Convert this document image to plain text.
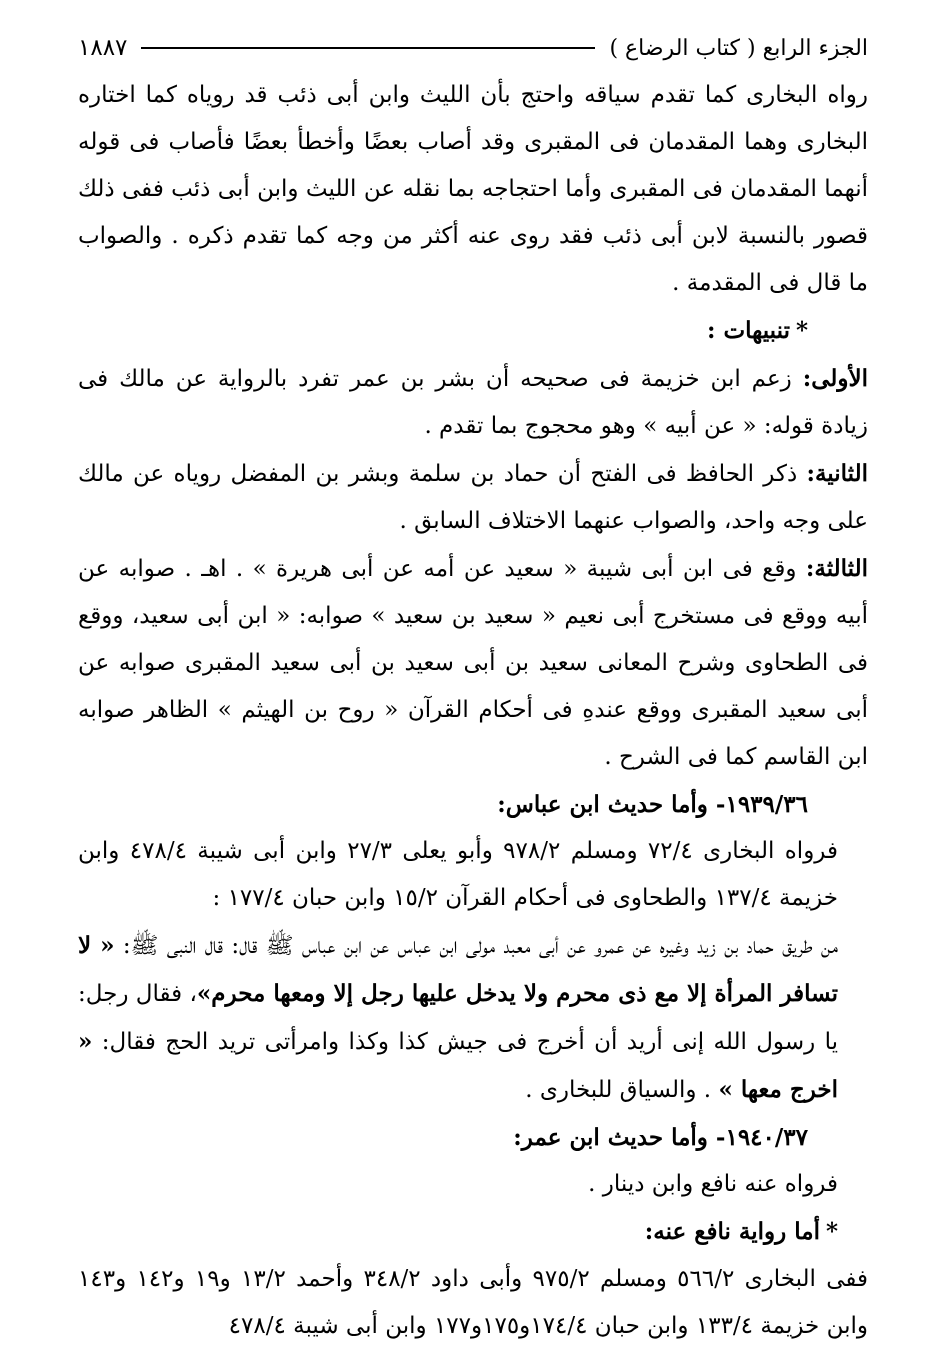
الجزء الرابع ( كتاب الرضاع )
١٨٨٧

رواه البخارى كما تقدم سياقه واحتج بأن الليث وابن أبى ذئب قد روياه كما اختاره البخارى وهما المقدمان فى المقبرى وقد أصاب بعضًا وأخطأ بعضًا فأصاب فى قوله أنهما المقدمان فى المقبرى وأما احتجاجه بما نقله عن الليث وابن أبى ذئب ففى ذلك قصور بالنسبة لابن أبى ذئب فقد روى عنه أكثر من وجه كما تقدم ذكره . والصواب ما قال فى المقدمة .

*تنبيهات :

الأولى: زعم ابن خزيمة فى صحيحه أن بشر بن عمر تفرد بالرواية عن مالك فى زيادة قوله: « عن أبيه » وهو محجوج بما تقدم .

الثانية: ذكر الحافظ فى الفتح أن حماد بن سلمة وبشر بن المفضل روياه عن مالك على وجه واحد، والصواب عنهما الاختلاف السابق .

الثالثة: وقع فى ابن أبى شيبة « سعيد عن أمه عن أبى هريرة » . اهـ . صوابه عن أبيه ووقع فى مستخرج أبى نعيم « سعيد بن سعيد » صوابه: « ابن أبى سعيد، ووقع فى الطحاوى وشرح المعانى سعيد بن أبى سعيد بن أبى سعيد المقبرى صوابه عن أبى سعيد المقبرى ووقع عندهِ فى أحكام القرآن « روح بن الهيثم » الظاهر صوابه ابن القاسم كما فى الشرح .

١٩٣٩/٣٦- وأما حديث ابن عباس:

فرواه البخارى ٧٢/٤ ومسلم ٩٧٨/٢ وأبو يعلى ٢٧/٣ وابن أبى شيبة ٤٧٨/٤ وابن خزيمة ١٣٧/٤ والطحاوى فى أحكام القرآن ١٥/٢ وابن حبان ١٧٧/٤ :

من طريق حماد بن زيد وغيره عن عمرو عن أبى معبد مولى ابن عباس عن ابن عباس ﷺ قال: قال النبى ﷺ: « لا تسافر المرأة إلا مع ذى محرم ولا يدخل عليها رجل إلا ومعها محرم»، فقال رجل: يا رسول الله إنى أريد أن أخرج فى جيش كذا وكذا وامرأتى تريد الحج فقال: « اخرج معها » . والسياق للبخارى .

١٩٤٠/٣٧- وأما حديث ابن عمر:

فرواه عنه نافع وابن دينار .

*أما رواية نافع عنه:

ففى البخارى ٥٦٦/٢ ومسلم ٩٧٥/٢ وأبى داود ٣٤٨/٢ وأحمد ١٣/٢ و١٩ و١٤٢ و١٤٣ وابن خزيمة ١٣٣/٤ وابن حبان ١٧٤/٤و١٧٥و١٧٧ وابن أبى شيبة ٤٧٨/٤
